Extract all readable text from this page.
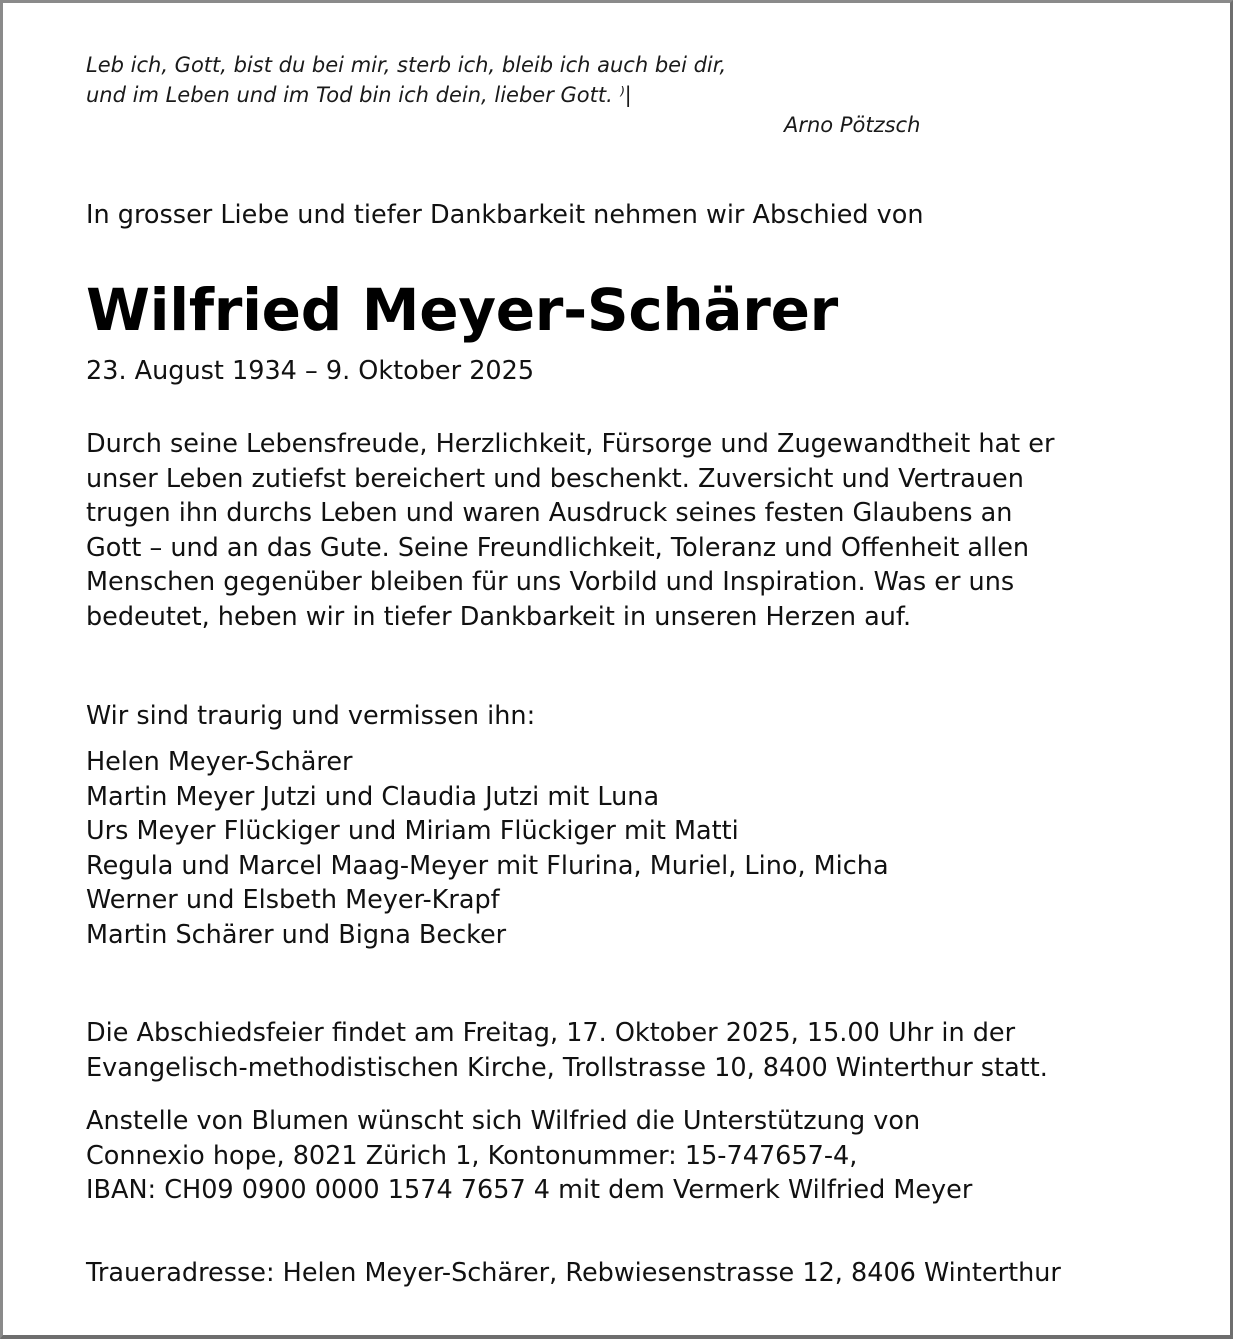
Leb ich, Gott, bist du bei mir, sterb ich, bleib ich auch bei dir,
und im Leben und im Tod bin ich dein, lieber Gott. ⁾|
Arno Pötzsch
In grosser Liebe und tiefer Dankbarkeit nehmen wir Abschied von
Wilfried Meyer-Schärer
23. August 1934 – 9. Oktober 2025
Durch seine Lebensfreude, Herzlichkeit, Fürsorge und Zugewandtheit hat er
unser Leben zutiefst bereichert und beschenkt. Zuversicht und Vertrauen
trugen ihn durchs Leben und waren Ausdruck seines festen Glaubens an
Gott – und an das Gute. Seine Freundlichkeit, Toleranz und Offenheit allen
Menschen gegenüber bleiben für uns Vorbild und Inspiration. Was er uns
bedeutet, heben wir in tiefer Dankbarkeit in unseren Herzen auf.
Wir sind traurig und vermissen ihn:
Helen Meyer-Schärer
Martin Meyer Jutzi und Claudia Jutzi mit Luna
Urs Meyer Flückiger und Miriam Flückiger mit Matti
Regula und Marcel Maag-Meyer mit Flurina, Muriel, Lino, Micha
Werner und Elsbeth Meyer-Krapf
Martin Schärer und Bigna Becker
Die Abschiedsfeier findet am Freitag, 17. Oktober 2025, 15.00 Uhr in der
Evangelisch-methodistischen Kirche, Trollstrasse 10, 8400 Winterthur statt.
Anstelle von Blumen wünscht sich Wilfried die Unterstützung von
Connexio hope, 8021 Zürich 1, Kontonummer: 15-747657-4,
IBAN: CH09 0900 0000 1574 7657 4 mit dem Vermerk Wilfried Meyer
Traueradresse: Helen Meyer-Schärer, Rebwiesenstrasse 12, 8406 Winterthur
